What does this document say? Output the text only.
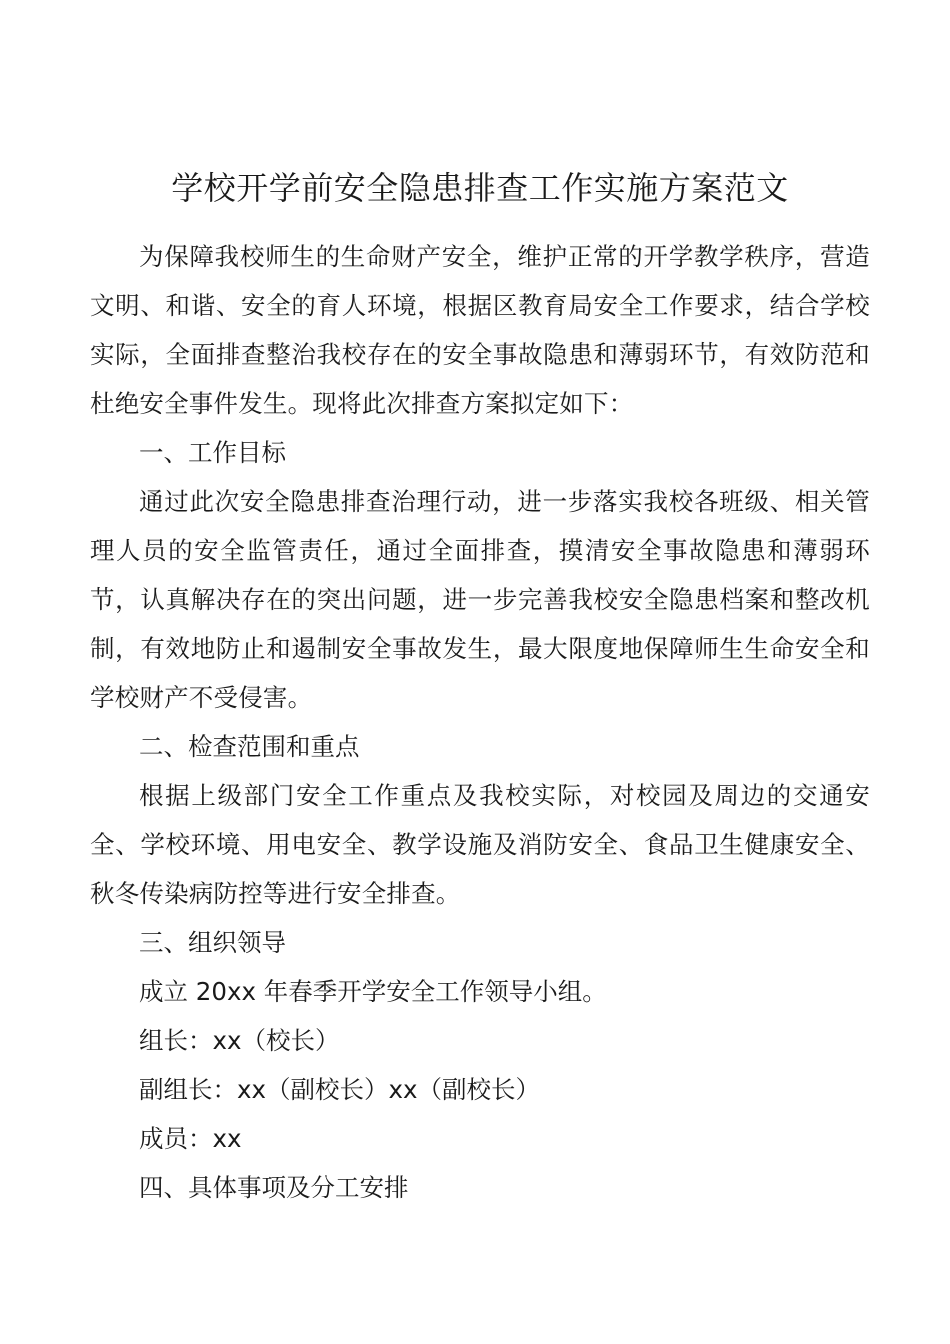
学校开学前安全隐患排查工作实施方案范文

为保障我校师生的生命财产安全，维护正常的开学教学秩序，营造文明、和谐、安全的育人环境，根据区教育局安全工作要求，结合学校实际，全面排查整治我校存在的安全事故隐患和薄弱环节，有效防范和杜绝安全事件发生。现将此次排查方案拟定如下：

一、工作目标

通过此次安全隐患排查治理行动，进一步落实我校各班级、相关管理人员的安全监管责任，通过全面排查，摸清安全事故隐患和薄弱环节，认真解决存在的突出问题，进一步完善我校安全隐患档案和整改机制，有效地防止和遏制安全事故发生，最大限度地保障师生生命安全和学校财产不受侵害。

二、检查范围和重点

根据上级部门安全工作重点及我校实际，对校园及周边的交通安全、学校环境、用电安全、教学设施及消防安全、食品卫生健康安全、秋冬传染病防控等进行安全排查。

三、组织领导

成立 20xx 年春季开学安全工作领导小组。

组长：xx（校长）

副组长：xx（副校长）xx（副校长）

成员：xx

四、具体事项及分工安排
